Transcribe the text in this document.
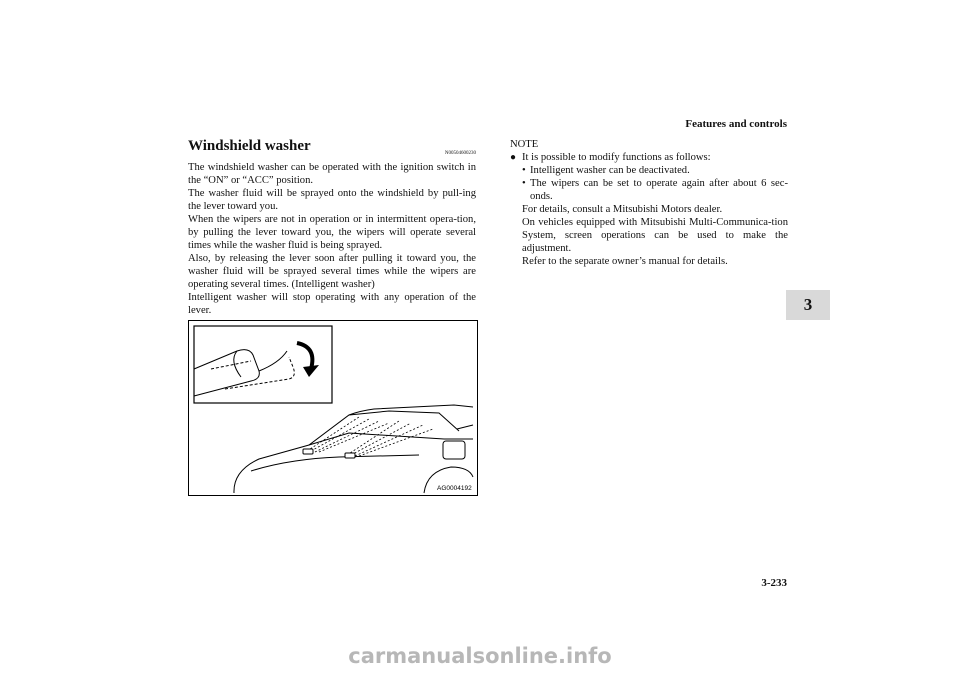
Features and controls
3
3-233
Windshield washer	N00504600230

The windshield washer can be operated with the ignition switch in the “ON” or “ACC” position.

The washer fluid will be sprayed onto the windshield by pull-ing the lever toward you.

When the wipers are not in operation or in intermittent opera-tion, by pulling the lever toward you, the wipers will operate several times while the washer fluid is being sprayed.

Also, by releasing the lever soon after pulling it toward you, the washer fluid will be sprayed several times while the wipers are operating several times. (Intelligent washer)

Intelligent washer will stop operating with any operation of the lever.

AG0004192

NOTE

● It is possible to modify functions as follows:

• Intelligent washer can be deactivated.
• The wipers can be set to operate again after about 6 sec-onds.

For details, consult a Mitsubishi Motors dealer.

On vehicles equipped with Mitsubishi Multi-Communica-tion System, screen operations can be used to make the adjustment.

Refer to the separate owner’s manual for details.

carmanualsonline.info
